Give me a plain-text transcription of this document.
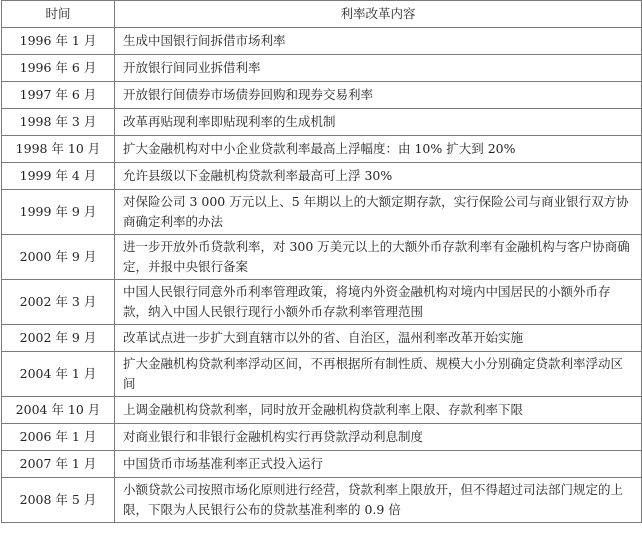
时间	利率改革内容
1996 年 1 月	生成中国银行间拆借市场利率
1996 年 6 月	开放银行间同业拆借利率
1997 年 6 月	开放银行间债券市场债券回购和现券交易利率
1998 年 3 月	改革再贴现利率即贴现利率的生成机制
1998 年 10 月	扩大金融机构对中小企业贷款利率最高上浮幅度：由 10% 扩大到 20%
1999 年 4 月	允许县级以下金融机构贷款利率最高可上浮 30%
1999 年 9 月	对保险公司 3 000 万元以上、5 年期以上的大额定期存款，实行保险公司与商业银行双方协商确定利率的办法
2000 年 9 月	进一步开放外币贷款利率，对 300 万美元以上的大额外币存款利率有金融机构与客户协商确定，并报中央银行备案
2002 年 3 月	中国人民银行同意外币利率管理政策，将境内外资金融机构对境内中国居民的小额外币存款，纳入中国人民银行现行小额外币存款利率管理范围
2002 年 9 月	改革试点进一步扩大到直辖市以外的省、自治区，温州利率改革开始实施
2004 年 1 月	扩大金融机构贷款利率浮动区间，不再根据所有制性质、规模大小分别确定贷款利率浮动区间
2004 年 10 月	上调金融机构贷款利率，同时放开金融机构贷款利率上限、存款利率下限
2006 年 1 月	对商业银行和非银行金融机构实行再贷款浮动利息制度
2007 年 1 月	中国货币市场基准利率正式投入运行
2008 年 5 月	小额贷款公司按照市场化原则进行经营，贷款利率上限放开，但不得超过司法部门规定的上限，下限为人民银行公布的贷款基准利率的 0.9 倍
